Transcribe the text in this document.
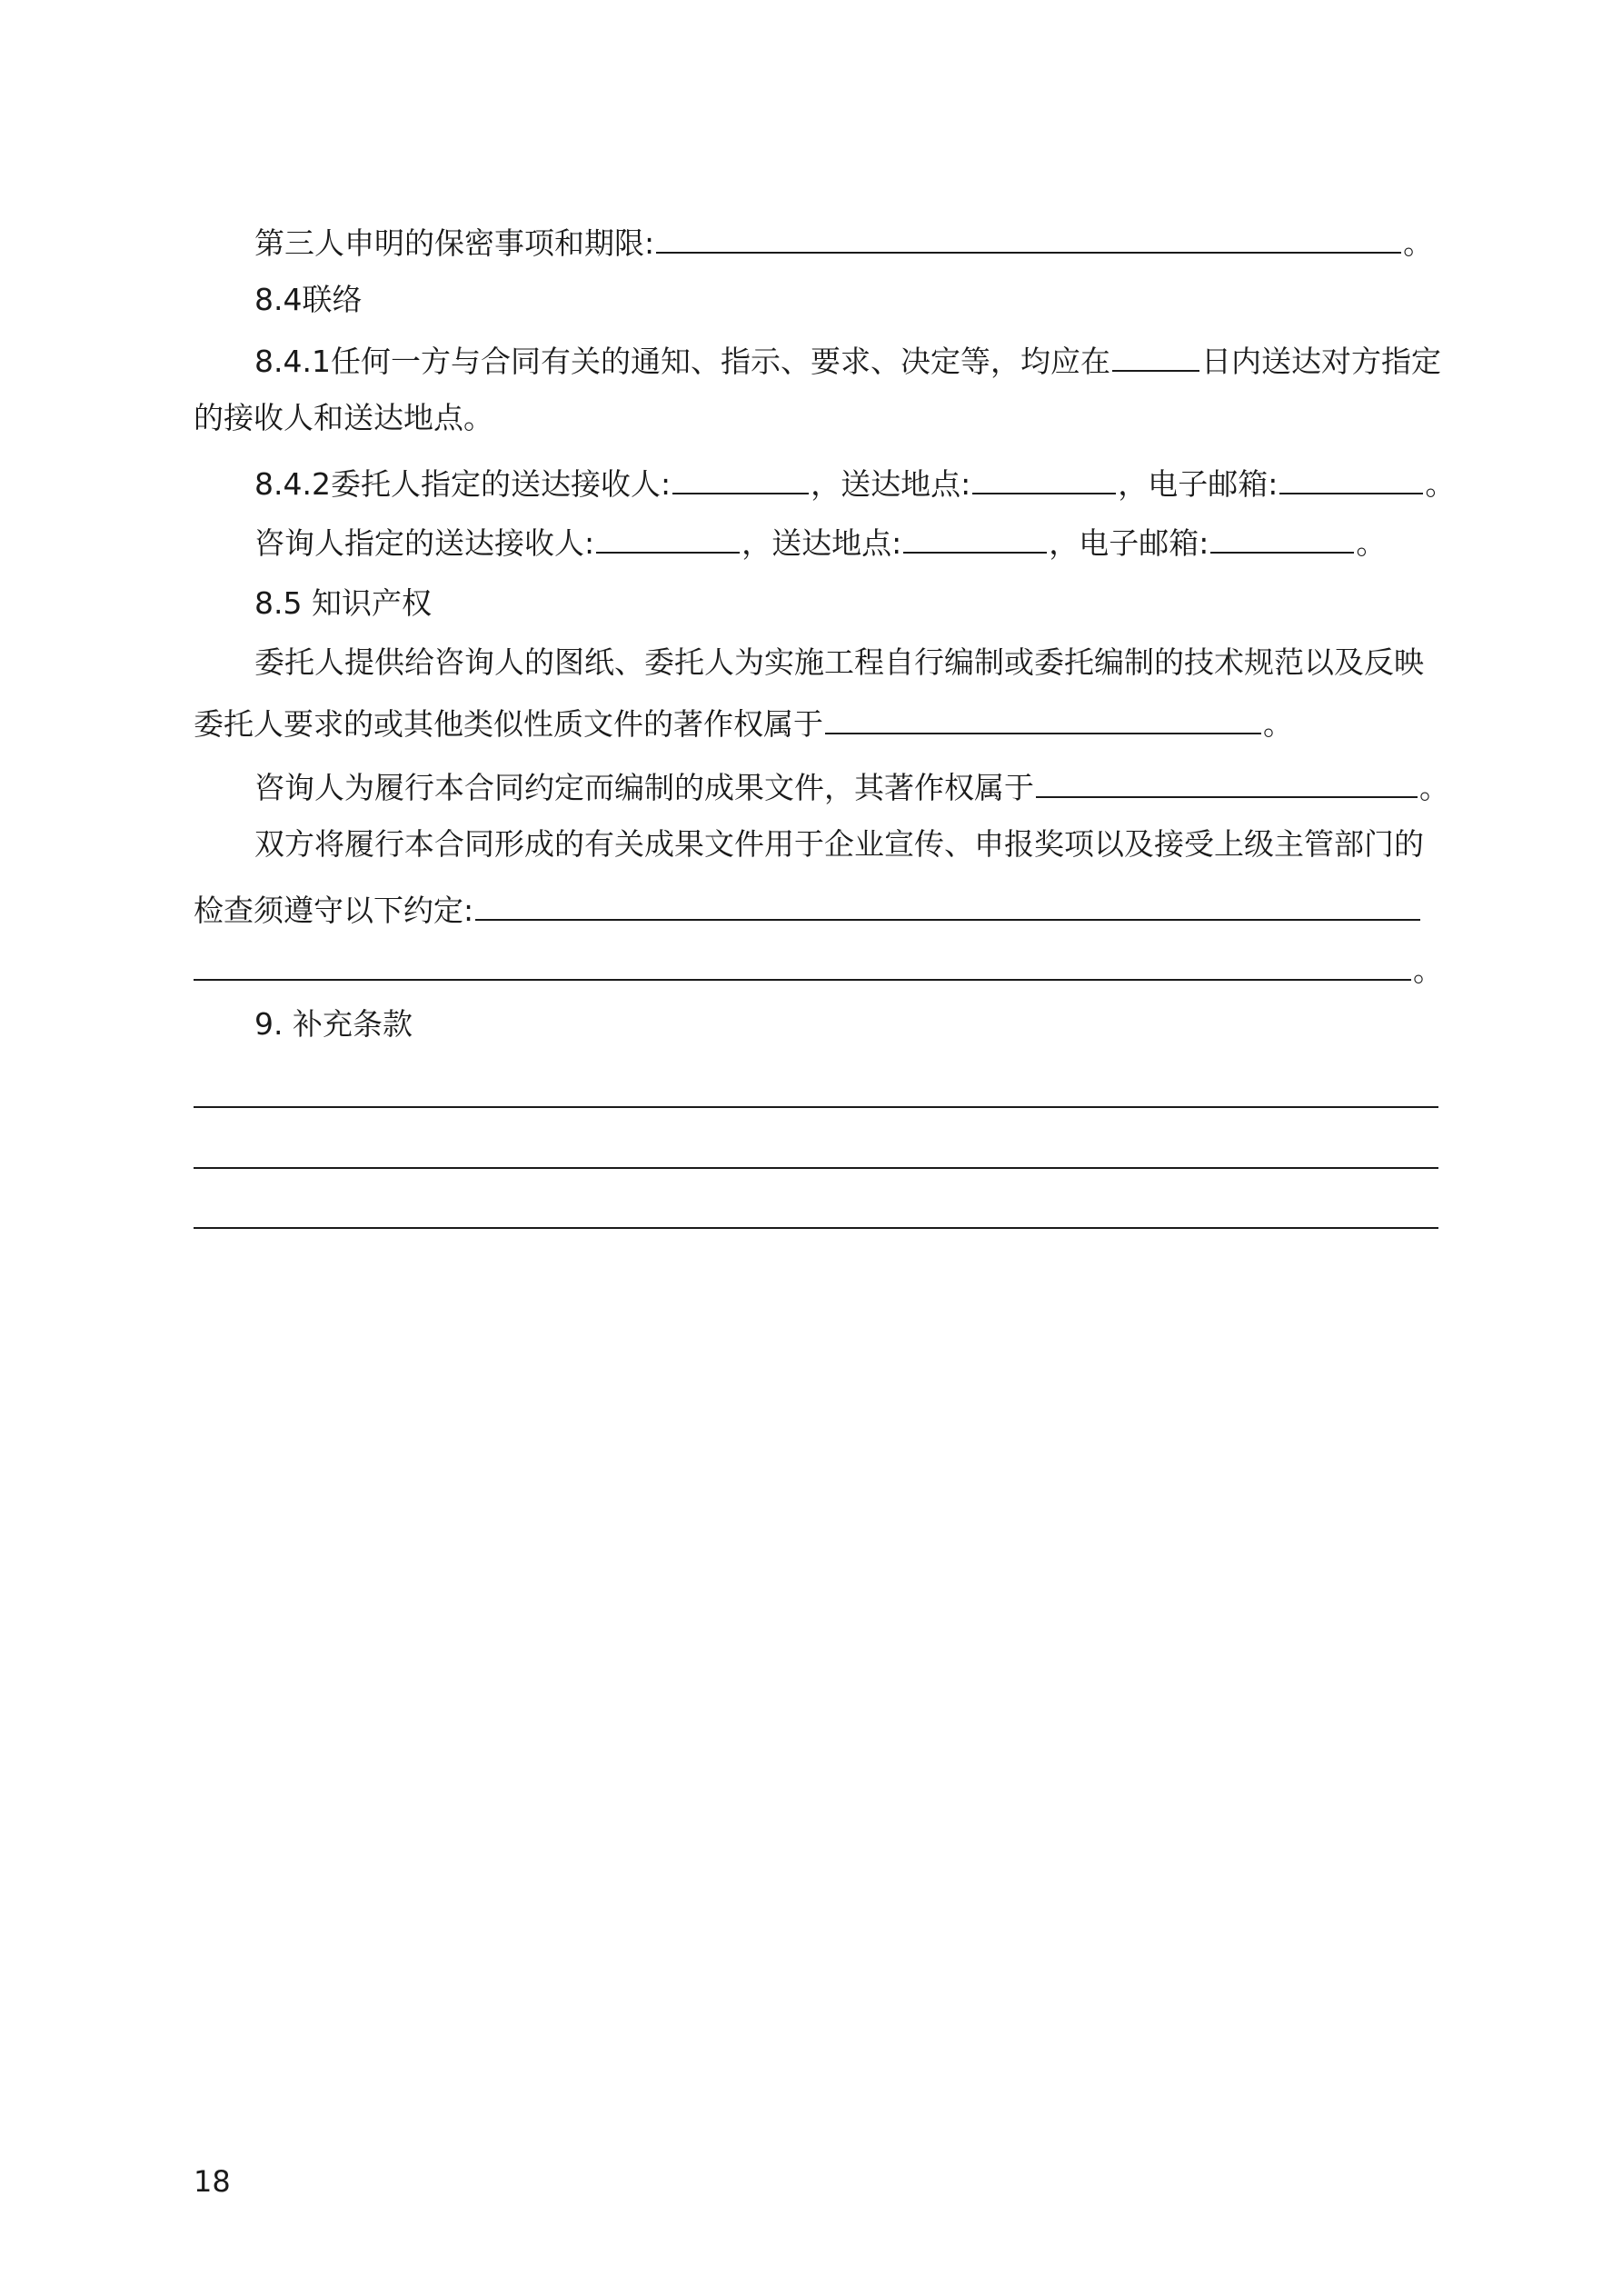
第三人申明的保密事项和期限:	。
8.4联络
8.4.1任何一方与合同有关的通知、指示、要求、决定等，均应在	日内送达对方指定
的接收人和送达地点。
8.4.2委托人指定的送达接收人:	，送达地点:	，电子邮箱:	。
咨询人指定的送达接收人:	，送达地点:	，电子邮箱:	。
8.5 知识产权
委托人提供给咨询人的图纸、委托人为实施工程自行编制或委托编制的技术规范以及反映
委托人要求的或其他类似性质文件的著作权属于	。
咨询人为履行本合同约定而编制的成果文件，其著作权属于	。
双方将履行本合同形成的有关成果文件用于企业宣传、申报奖项以及接受上级主管部门的
检查须遵守以下约定:
。
9. 补充条款
18
